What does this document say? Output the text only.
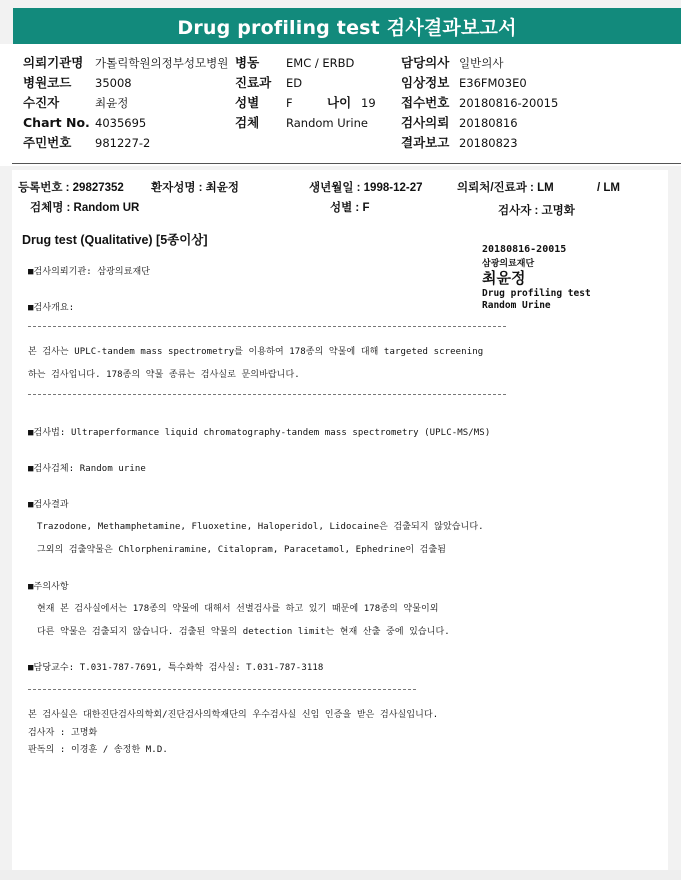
Drug profiling test 검사결과보고서
의뢰기관명 가톨릭학원의정부성모병원 병동 EMC / ERBD	담당의사 일반의사
병원코드 35008	진료과 ED	임상정보 E36FM03E0
수진자	최윤정	성별 F	나이 19 접수번호 20180816-20015
Chart No. 4035695	검체 Random Urine	검사의뢰 20180816
주민번호 981227-2	결과보고 20180823
등록번호 : 29827352 환자성명 : 최윤정	생년월일 : 1998-12-27	의뢰처/진료과 : LM	/ LM
검체명 : Random UR	성별 : F	검사자 : 고명화
Drug test (Qualitative) [5종이상]
20180816-20015
삼광의료재단
최윤정
Drug profiling test
Random Urine
■검사의뢰기관: 삼광의료재단
■검사개요:
본 검사는 UPLC-tandem mass spectrometry를 이용하여 178종의 약물에 대해 targeted screening
하는 검사입니다. 178종의 약물 종류는 검사실로 문의바랍니다.
■검사법: Ultraperformance liquid chromatography-tandem mass spectrometry (UPLC-MS/MS)
■검사검체: Random urine
■검사결과
Trazodone, Methamphetamine, Fluoxetine, Haloperidol, Lidocaine은 검출되지 않았습니다.
그외의 검출약물은 Chlorpheniramine, Citalopram, Paracetamol, Ephedrine이 검출됨
■주의사항
현재 본 검사실에서는 178종의 약물에 대해서 선별검사를 하고 있기 때문에 178종의 약물이외
다른 약물은 검출되지 않습니다. 검출된 약물의 detection limit는 현재 산출 중에 있습니다.
■담당교수: T.031-787-7691, 특수화학 검사실: T.031-787-3118
본 검사실은 대한진단검사의학회/진단검사의학재단의 우수검사실 신임 인증을 받은 검사실입니다.
검사자 : 고명화
판독의 : 이경훈 / 송정한 M.D.
